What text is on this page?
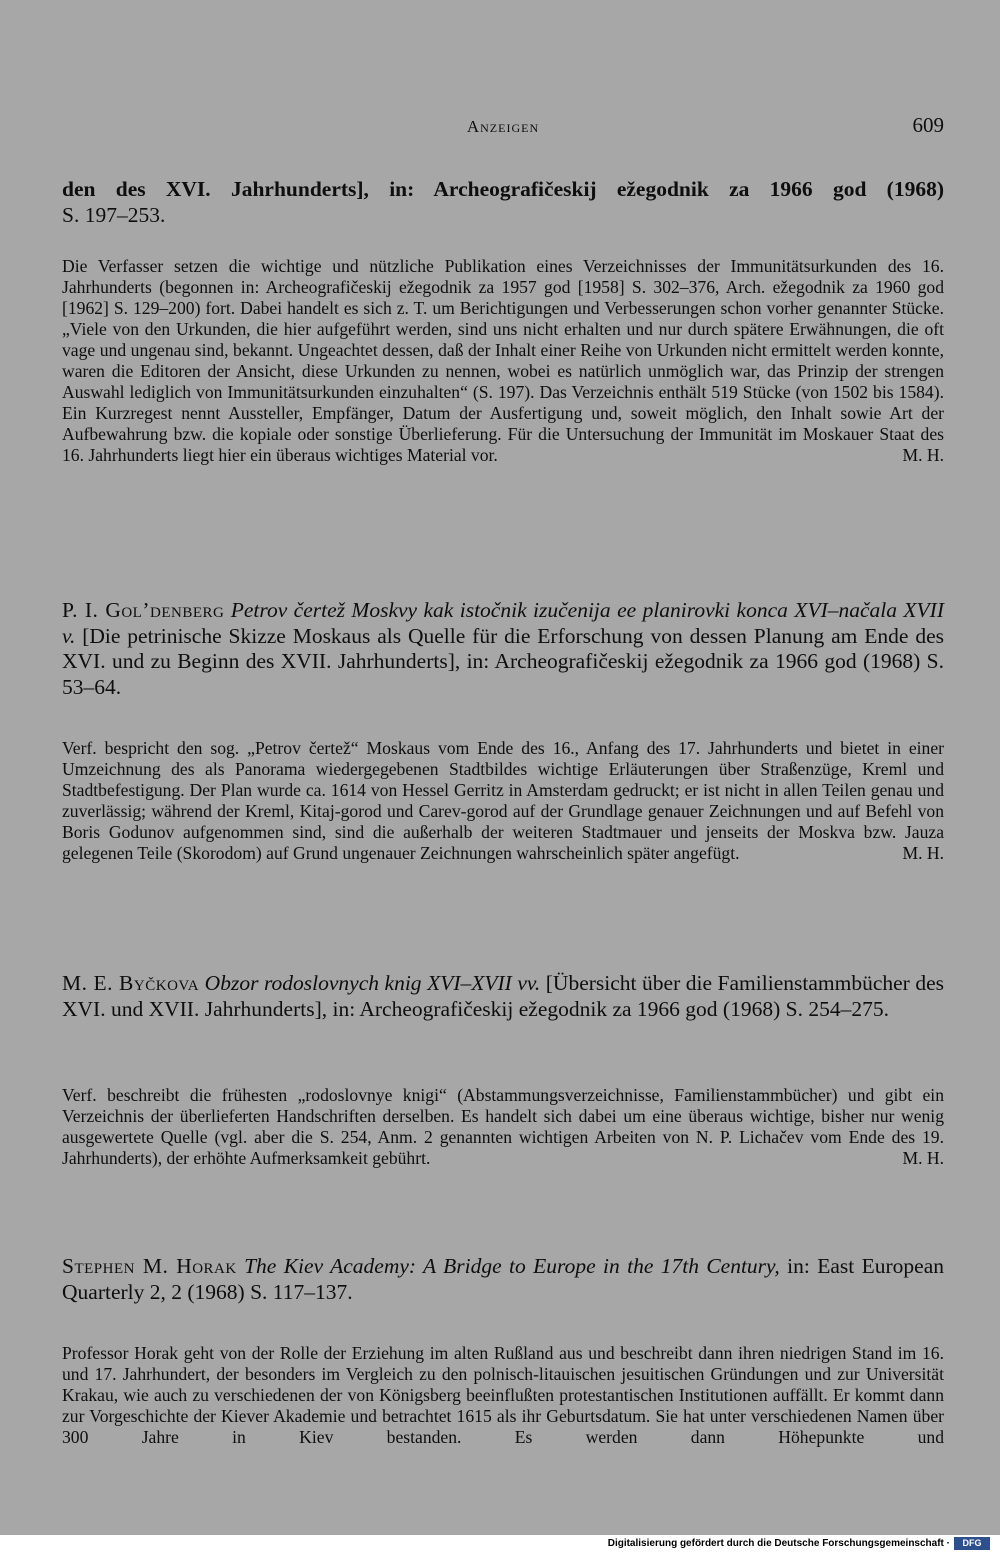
Anzeigen	609
den des XVI. Jahrhunderts], in: Archeografičeskij ežegodnik za 1966 god (1968)
S. 197–253.
Die Verfasser setzen die wichtige und nützliche Publikation eines Verzeichnisses der Immunitätsurkunden des 16. Jahrhunderts (begonnen in: Archeografičeskij ežegodnik za 1957 god [1958] S. 302–376, Arch. ežegodnik za 1960 god [1962] S. 129–200) fort. Dabei handelt es sich z. T. um Berichtigungen und Verbesserungen schon vorher genannter Stücke. „Viele von den Urkunden, die hier aufgeführt werden, sind uns nicht erhalten und nur durch spätere Erwähnungen, die oft vage und ungenau sind, bekannt. Ungeachtet dessen, daß der Inhalt einer Reihe von Urkunden nicht ermittelt werden konnte, waren die Editoren der Ansicht, diese Urkunden zu nennen, wobei es natürlich unmöglich war, das Prinzip der strengen Auswahl lediglich von Immunitätsurkunden einzuhalten“ (S. 197). Das Verzeichnis enthält 519 Stücke (von 1502 bis 1584). Ein Kurzregest nennt Aussteller, Empfänger, Datum der Ausfertigung und, soweit möglich, den Inhalt sowie Art der Aufbewahrung bzw. die kopiale oder sonstige Überlieferung. Für die Untersuchung der Immunität im Moskauer Staat des 16. Jahrhunderts liegt hier ein überaus wichtiges Material vor.	M. H.
P. I. Gol’denberg Petrov čertež Moskvy kak istočnik izučenija ee planirovki konca XVI–načala XVII v. [Die petrinische Skizze Moskaus als Quelle für die Erforschung von dessen Planung am Ende des XVI. und zu Beginn des XVII. Jahrhunderts], in: Archeografičeskij ežegodnik za 1966 god (1968) S. 53–64.
Verf. bespricht den sog. „Petrov čertež“ Moskaus vom Ende des 16., Anfang des 17. Jahrhunderts und bietet in einer Umzeichnung des als Panorama wiedergegebenen Stadtbildes wichtige Erläuterungen über Straßenzüge, Kreml und Stadtbefestigung. Der Plan wurde ca. 1614 von Hessel Gerritz in Amsterdam gedruckt; er ist nicht in allen Teilen genau und zuverlässig; während der Kreml, Kitaj-gorod und Carev-gorod auf der Grundlage genauer Zeichnungen und auf Befehl von Boris Godunov aufgenommen sind, sind die außerhalb der weiteren Stadtmauer und jenseits der Moskva bzw. Jauza gelegenen Teile (Skorodom) auf Grund ungenauer Zeichnungen wahrscheinlich später angefügt.	M. H.
M. E. Byčkova Obzor rodoslovnych knig XVI–XVII vv. [Übersicht über die Familienstammbücher des XVI. und XVII. Jahrhunderts], in: Archeografičeskij ežegodnik za 1966 god (1968) S. 254–275.
Verf. beschreibt die frühesten „rodoslovnye knigi“ (Abstammungsverzeichnisse, Familienstammbücher) und gibt ein Verzeichnis der überlieferten Handschriften derselben. Es handelt sich dabei um eine überaus wichtige, bisher nur wenig ausgewertete Quelle (vgl. aber die S. 254, Anm. 2 genannten wichtigen Arbeiten von N. P. Lichačev vom Ende des 19. Jahrhunderts), der erhöhte Aufmerksamkeit gebührt.	M. H.
Stephen M. Horak The Kiev Academy: A Bridge to Europe in the 17th Century, in: East European Quarterly 2, 2 (1968) S. 117–137.
Professor Horak geht von der Rolle der Erziehung im alten Rußland aus und beschreibt dann ihren niedrigen Stand im 16. und 17. Jahrhundert, der besonders im Vergleich zu den polnisch-litauischen jesuitischen Gründungen und zur Universität Krakau, wie auch zu verschiedenen der von Königsberg beeinflußten protestantischen Institutionen auffällt. Er kommt dann zur Vorgeschichte der Kiever Akademie und betrachtet 1615 als ihr Geburtsdatum. Sie hat unter verschiedenen Namen über 300 Jahre in Kiev bestanden. Es werden dann Höhepunkte und
Digitalisierung gefördert durch die Deutsche Forschungsgemeinschaft ·	DFG
